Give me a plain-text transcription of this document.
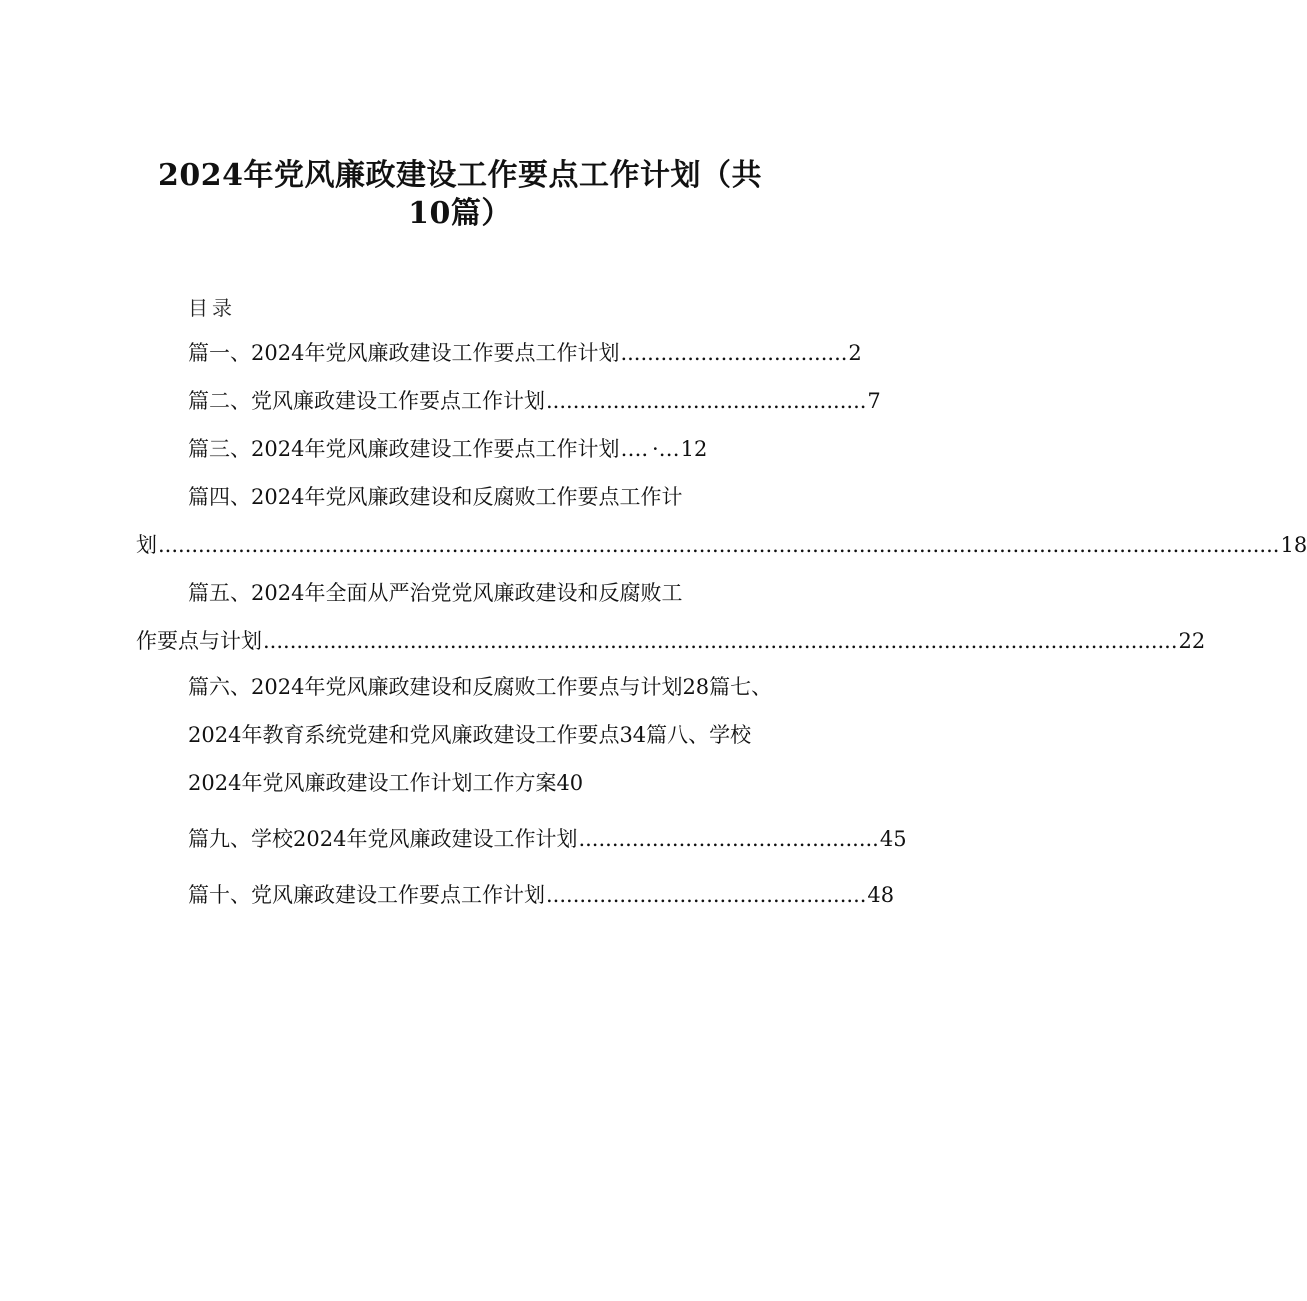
2024年党风廉政建设工作要点工作计划（共
10篇）
目录
篇一、2024年党风廉政建设工作要点工作计划 .................................. 2
篇二、党风廉政建设工作要点工作计划 ................................................ 7
篇三、2024年党风廉政建设工作要点工作计划 …．·… 12
篇四、2024年党风廉政建设和反腐败工作要点工作计
划 ........................................................................................................................................................................ 18
篇五、2024年全面从严治党党风廉政建设和反腐败工
作要点与计划 ......................................................................................................................................... 22
篇六、2024年党风廉政建设和反腐败工作要点与计划28篇七、
2024年教育系统党建和党风廉政建设工作要点34篇八、学校
2024年党风廉政建设工作计划工作方案40
篇九、学校2024年党风廉政建设工作计划 ............................................. 45
篇十、党风廉政建设工作要点工作计划 ................................................ 48
